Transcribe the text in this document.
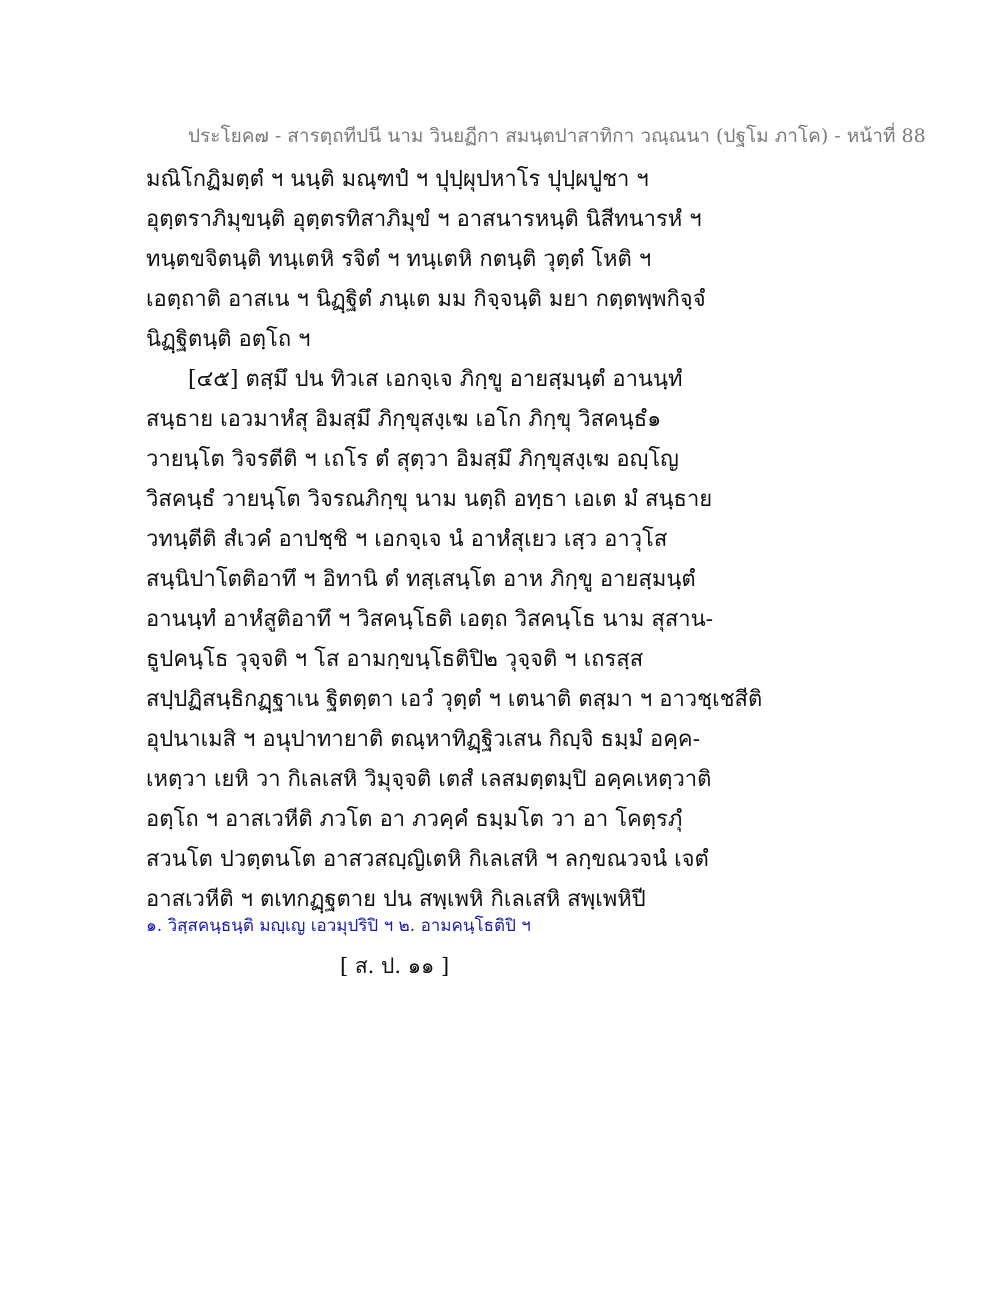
ประโยค๗ - สารตฺถทีปนี นาม วินยฏีกา สมนฺตปาสาทิกา วณฺณนา (ปฐโม ภาโค) - หน้าที่ 88
มณิโกฏิมตฺตํ ฯ นนฺติ มณฺฑปํ ฯ ปุปฺผุปหาโร ปุปฺผปูชา ฯ
อุตฺตราภิมุขนฺติ อุตฺตรทิสาภิมุขํ ฯ อาสนารหนฺติ นิสีทนารหํ ฯ
ทนฺตขจิตนฺติ ทนฺเตหิ รจิตํ ฯ ทนฺเตหิ กตนฺติ วุตฺตํ โหติ ฯ
เอตฺถาติ อาสเน ฯ นิฏฺฐิตํ ภนฺเต มม กิจฺจนฺติ มยา กตฺตพฺพกิจฺจํ
นิฏฺฐิตนฺติ อตฺโถ ฯ
[๔๕] ตสฺมึ ปน ทิวเส เอกจฺเจ ภิกฺขู อายสฺมนฺตํ อานนฺทํ
สนฺธาย เอวมาหํสุ อิมสฺมึ ภิกฺขุสงฺเฆ เอโก ภิกฺขุ วิสคนฺธํ๑
วายนฺโต วิจรตีติ ฯ เถโร ตํ สุตฺวา อิมสฺมึ ภิกฺขุสงฺเฆ อญฺโญ
วิสคนฺธํ วายนฺโต วิจรณภิกฺขุ นาม นตฺถิ อทฺธา เอเต มํ สนฺธาย
วทนฺตีติ สํเวคํ อาปชฺชิ ฯ เอกจฺเจ นํ อาหํสุเยว เสฺว อาวุโส
สนฺนิปาโตติอาทึ ฯ อิทานิ ตํ ทสฺเสนฺโต อาห ภิกฺขู อายสฺมนฺตํ
อานนฺทํ อาหํสูติอาทึ ฯ วิสคนฺโธติ เอตฺถ วิสคนฺโธ นาม สุสาน-
ธูปคนฺโธ วุจฺจติ ฯ โส อามกฺขนฺโธติปิ๒ วุจฺจติ ฯ เถรสฺส
สปฺปฏิสนฺธิกฏฺฐาเน ฐิตตฺตา เอวํ วุตฺตํ ฯ เตนาติ ตสฺมา ฯ อาวชฺเชสีติ
อุปนาเมสิ ฯ อนุปาทายาติ ตณฺหาทิฏฺฐิวเสน กิญฺจิ ธมฺมํ อคฺค-
เหตฺวา เยหิ วา กิเลเสหิ วิมุจฺจติ เตสํ เลสมตฺตมฺปิ อคฺคเหตฺวาติ
อตฺโถ ฯ อาสเวหีติ ภวโต อา ภวคฺคํ ธมฺมโต วา อา โคตฺรภุํ
สวนโต ปวตฺตนโต อาสวสญฺญิเตหิ กิเลเสหิ ฯ ลกฺขณวจนํ เจตํ
อาสเวหีติ ฯ ตเทกฏฺฐตาย ปน สพฺเพหิ กิเลเสหิ สพฺเพหิปี
๑. วิสฺสคนฺธนฺติ มญฺเญ เอวมุปริปิ ฯ ๒. อามคนฺโธติปิ ฯ
[ ส. ป. ๑๑ ]
